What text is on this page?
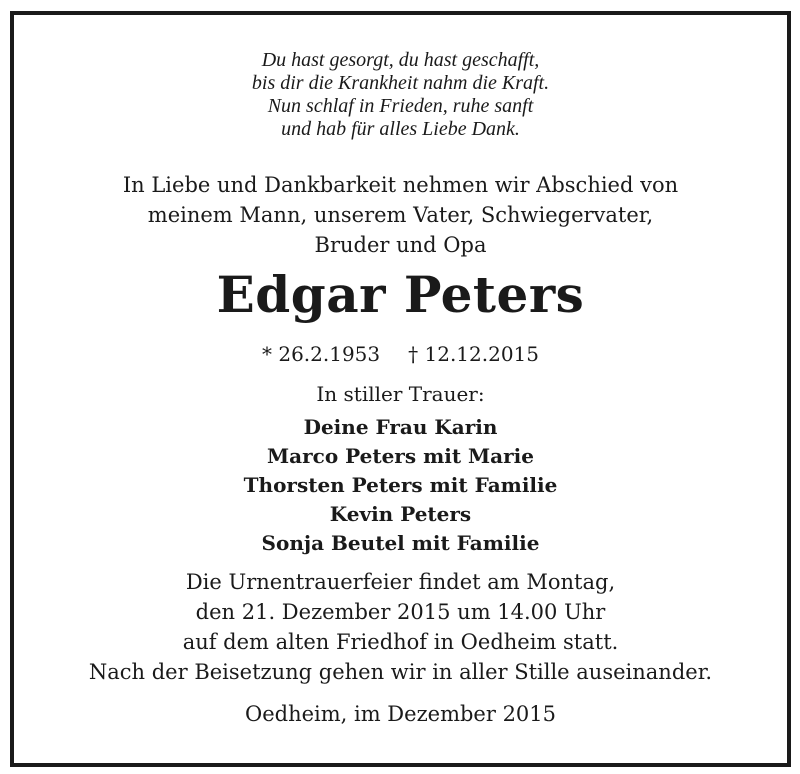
Du hast gesorgt, du hast geschafft,
bis dir die Krankheit nahm die Kraft.
Nun schlaf in Frieden, ruhe sanft
und hab für alles Liebe Dank.
In Liebe und Dankbarkeit nehmen wir Abschied von
meinem Mann, unserem Vater, Schwiegervater,
Bruder und Opa
Edgar Peters
* 26.2.1953 † 12.12.2015
In stiller Trauer:
Deine Frau Karin
Marco Peters mit Marie
Thorsten Peters mit Familie
Kevin Peters
Sonja Beutel mit Familie
Die Urnentrauerfeier findet am Montag,
den 21. Dezember 2015 um 14.00 Uhr
auf dem alten Friedhof in Oedheim statt.
Nach der Beisetzung gehen wir in aller Stille auseinander.
Oedheim, im Dezember 2015
